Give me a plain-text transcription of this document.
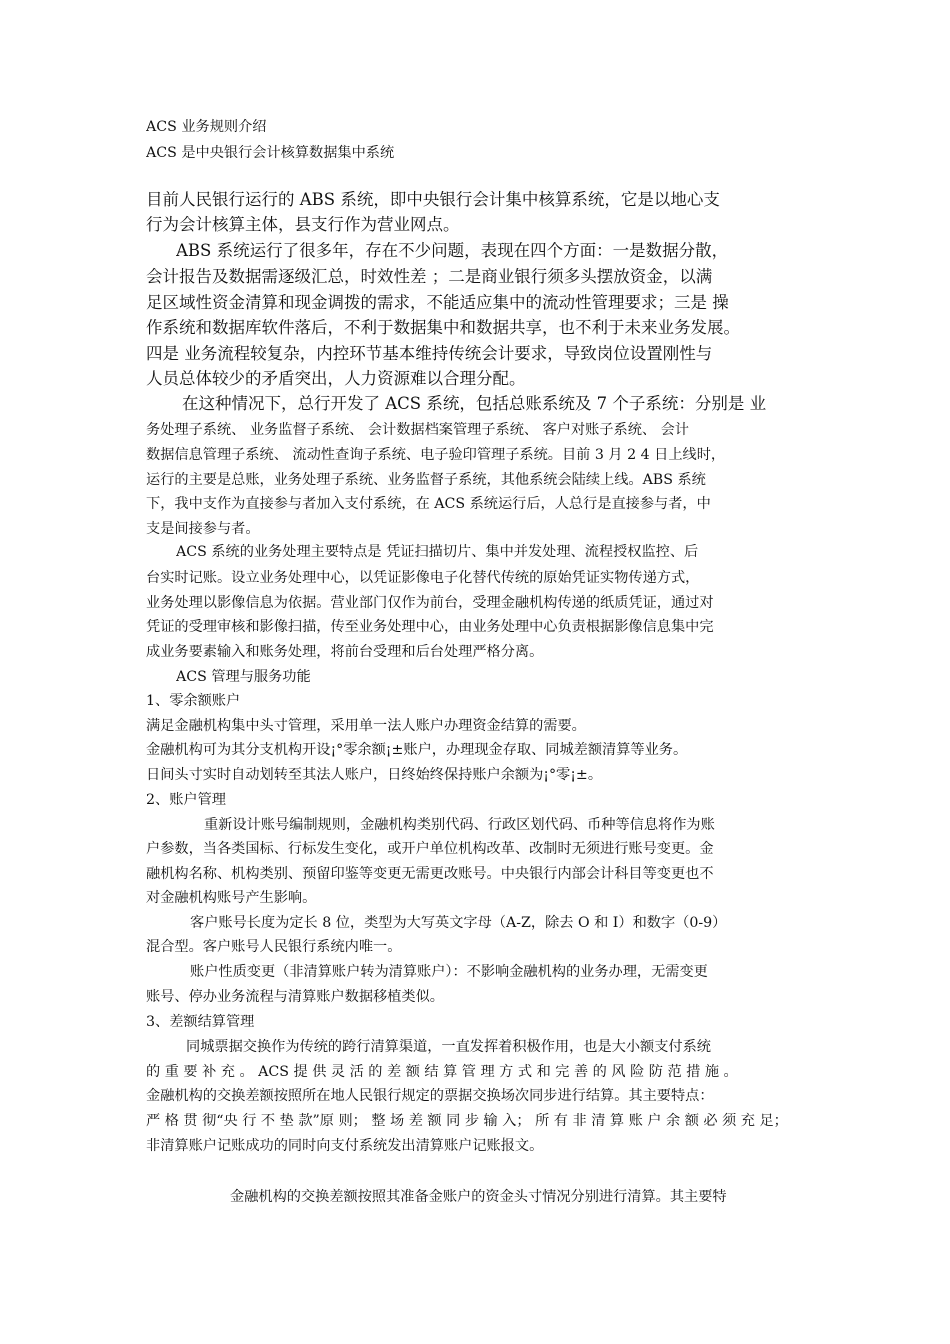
ACS 业务规则介绍
ACS 是中央银行会计核算数据集中系统
目前人民银行运行的 ABS 系统，即中央银行会计集中核算系统，它是以地心支
行为会计核算主体，县支行作为营业网点。
ABS 系统运行了很多年，存在不少问题，表现在四个方面：一是数据分散，
会计报告及数据需逐级汇总，时效性差 ；二是商业银行须多头摆放资金，以满
足区域性资金清算和现金调拨的需求，不能适应集中的流动性管理要求；三是 操
作系统和数据库软件落后，不利于数据集中和数据共享，也不利于未来业务发展。
四是 业务流程较复杂，内控环节基本维持传统会计要求，导致岗位设置刚性与
人员总体较少的矛盾突出，人力资源难以合理分配。
在这种情况下，总行开发了 ACS 系统，包括总账系统及 7 个子系统：分别是 业
务处理子系统、 业务监督子系统、 会计数据档案管理子系统、 客户对账子系统、 会计
数据信息管理子系统、 流动性查询子系统、电子验印管理子系统。目前 3 月 2 4 日上线时，
运行的主要是总账，业务处理子系统、业务监督子系统，其他系统会陆续上线。ABS 系统
下，我中支作为直接参与者加入支付系统，在 ACS 系统运行后，人总行是直接参与者，中
支是间接参与者。
ACS 系统的业务处理主要特点是 凭证扫描切片、集中并发处理、流程授权监控、后
台实时记账。设立业务处理中心，以凭证影像电子化替代传统的原始凭证实物传递方式，
业务处理以影像信息为依据。营业部门仅作为前台，受理金融机构传递的纸质凭证，通过对
凭证的受理审核和影像扫描，传至业务处理中心，由业务处理中心负责根据影像信息集中完
成业务要素输入和账务处理，将前台受理和后台处理严格分离。
ACS 管理与服务功能
1、零余额账户
满足金融机构集中头寸管理，采用单一法人账户办理资金结算的需要。
金融机构可为其分支机构开设¡°零余额¡±账户，办理现金存取、同城差额清算等业务。
日间头寸实时自动划转至其法人账户，日终始终保持账户余额为¡°零¡±。
2、账户管理
重新设计账号编制规则，金融机构类别代码、行政区划代码、币种等信息将作为账
户参数，当各类国标、行标发生变化，或开户单位机构改革、改制时无须进行账号变更。金
融机构名称、机构类别、预留印鉴等变更无需更改账号。中央银行内部会计科目等变更也不
对金融机构账号产生影响。
客户账号长度为定长 8 位，类型为大写英文字母（A-Z，除去 O 和 I）和数字（0-9）
混合型。客户账号人民银行系统内唯一。
账户性质变更（非清算账户转为清算账户）：不影响金融机构的业务办理，无需变更
账号、停办业务流程与清算账户数据移植类似。
3、差额结算管理
同城票据交换作为传统的跨行清算渠道，一直发挥着积极作用，也是大小额支付系统
的 重 要 补 充 。 ACS 提 供 灵 活 的 差 额 结 算 管 理 方 式 和 完 善 的 风 险 防 范 措 施 。
金融机构的交换差额按照所在地人民银行规定的票据交换场次同步进行结算。其主要特点：
严 格 贯 彻“央 行 不 垫 款”原 则； 整 场 差 额 同 步 输 入； 所 有 非 清 算 账 户 余 额 必 须 充 足；
非清算账户记账成功的同时向支付系统发出清算账户记账报文。
金融机构的交换差额按照其准备金账户的资金头寸情况分别进行清算。其主要特
